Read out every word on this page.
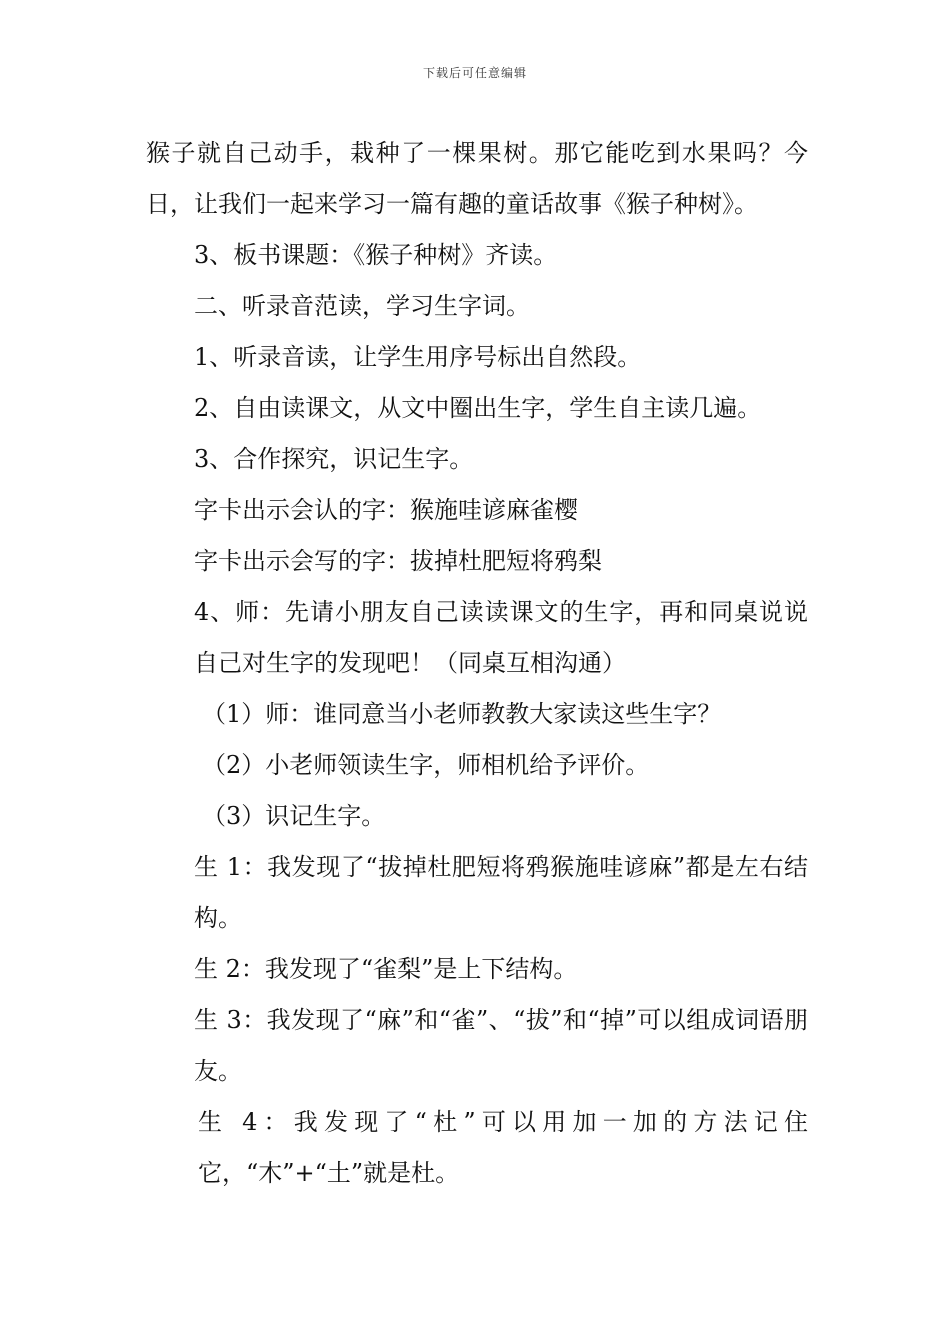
下载后可任意编辑

猴子就自己动手，栽种了一棵果树。那它能吃到水果吗？今日，让我们一起来学习一篇有趣的童话故事《猴子种树》。

3、板书课题：《猴子种树》齐读。

二、听录音范读，学习生字词。

1、听录音读，让学生用序号标出自然段。

2、自由读课文，从文中圈出生字，学生自主读几遍。

3、合作探究，识记生字。

字卡出示会认的字：猴施哇谚麻雀樱

字卡出示会写的字：拔掉杜肥短将鸦梨

4、师：先请小朋友自己读读课文的生字，再和同桌说说自己对生字的发现吧！（同桌互相沟通）

（1）师：谁同意当小老师教教大家读这些生字？

（2）小老师领读生字，师相机给予评价。

（3）识记生字。

生 1：我发现了“拔掉杜肥短将鸦猴施哇谚麻”都是左右结构。

生 2：我发现了“雀梨”是上下结构。

生 3：我发现了“麻”和“雀”、“拔”和“掉”可以组成词语朋友。

生 4：我发现了“杜”可以用加一加的方法记住它，“木”+“土”就是杜。
